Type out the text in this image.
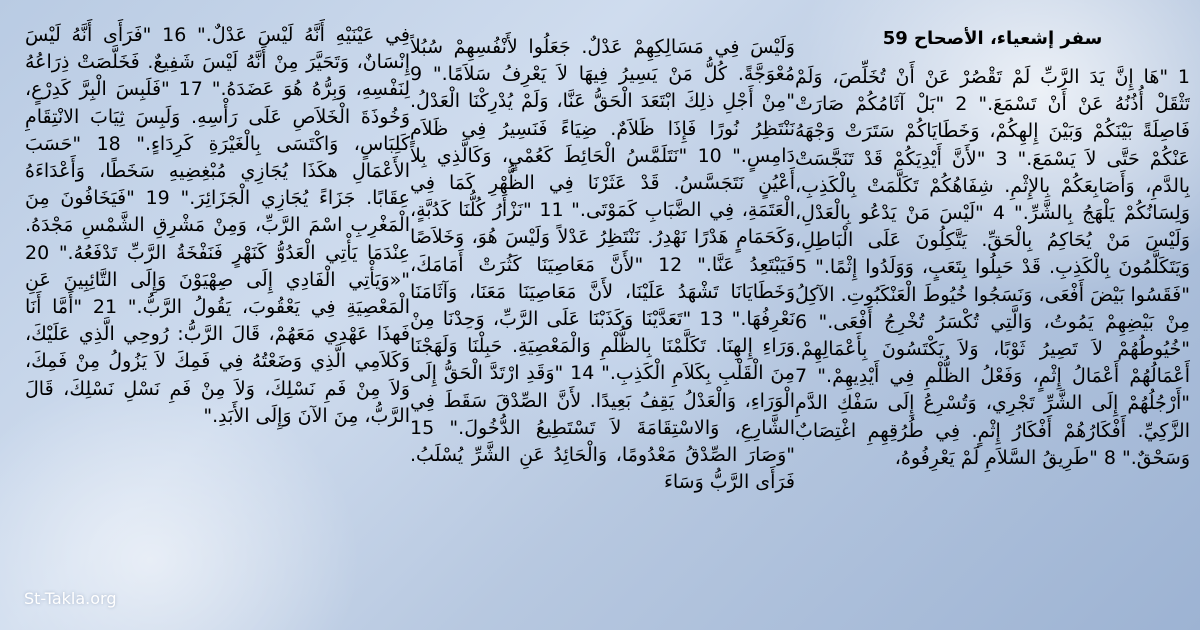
سفر إشعياء، الأصحاح 59
1 "هَا إِنَّ يَدَ الرَّبِّ لَمْ تَقْصُرْ عَنْ أَنْ تُخَلِّصَ، وَلَمْ تَثْقَلْ أُذُنُهُ عَنْ أَنْ تَسْمَعَ." 2 "بَلْ آثَامُكُمْ صَارَتْ فَاصِلَةً بَيْنَكُمْ وَبَيْنَ إِلهِكُمْ، وَخَطَايَاكُمْ سَتَرَتْ وَجْهَهُ عَنْكُمْ حَتَّى لاَ يَسْمَعَ." 3 "لأَنَّ أَيْدِيَكُمْ قَدْ تَنَجَّسَتْ بِالدَّمِ، وَأَصَابِعَكُمْ بِالإِثْمِ. شِفَاهُكُمْ تَكَلَّمَتْ بِالْكَذِبِ، وَلِسَانُكُمْ يَلْهَجُ بِالشَّرِّ." 4 "لَيْسَ مَنْ يَدْعُو بِالْعَدْلِ، وَلَيْسَ مَنْ يُحَاكِمُ بِالْحَقِّ. يَتَّكِلُونَ عَلَى الْبَاطِلِ، وَيَتَكَلَّمُونَ بِالْكَذِبِ. قَدْ حَبِلُوا بِتَعَبٍ، وَوَلَدُوا إِثْمًا." 5 "فَقَسُوا بَيْضَ أَفْعَى، وَنَسَجُوا خُيُوطَ الْعَنْكَبُوتِ. الآكِلُ مِنْ بَيْضِهِمْ يَمُوتُ، وَالَّتِي تُكْسَرُ تُخْرِجُ أَفْعَى." 6 "خُيُوطُهُمْ لاَ تَصِيرُ ثَوْبًا، وَلاَ يَكْتَسُونَ بِأَعْمَالِهِمْ. أَعْمَالُهُمْ أَعْمَالُ إِثْمٍ، وَفَعْلُ الظُّلْمِ فِي أَيْدِيهِمْ." 7 "أَرْجُلُهُمْ إِلَى الشَّرِّ تَجْرِي، وَتُسْرِعُ إِلَى سَفْكِ الدَّمِ الزَّكِيِّ. أَفْكَارُهُمْ أَفْكَارُ إِثْمٍ. فِي طُرُقِهِمِ اغْتِصَابٌ وَسَحْقٌ." 8 "طَرِيقُ السَّلاَمِ لَمْ يَعْرِفُوهُ،
وَلَيْسَ فِي مَسَالِكِهِمْ عَدْلٌ. جَعَلُوا لأَنْفُسِهِمْ سُبُلاً مُعْوَجَّةً. كُلُّ مَنْ يَسِيرُ فِيهَا لاَ يَعْرِفُ سَلاَمًا." 9 "مِنْ أَجْلِ ذلِكَ ابْتَعَدَ الْحَقُّ عَنَّا، وَلَمْ يُدْرِكْنَا الْعَدْلُ. نَنْتَظِرُ نُورًا فَإِذَا ظَلاَمٌ. ضِيَاءً فَنَسِيرُ فِي ظَلاَمٍ دَامِسٍ." 10 "نَتَلَمَّسُ الْحَائِطَ كَعُمْيٍ، وَكَالَّذِي بِلاَ أَعْيُنٍ نَتَجَسَّسُ. قَدْ عَثَرْنَا فِي الظُّهْرِ كَمَا فِي الْعَتَمَةِ، فِي الضَّبَابِ كَمَوْتَى." 11 "نَزْأَرُ كُلُّنَا كَدُبَّةٍ، وَكَحَمَامٍ هَدْرًا نَهْدِرُ. نَنْتَظِرُ عَدْلاً وَلَيْسَ هُوَ، وَخَلاَصًا فَيَبْتَعِدُ عَنَّا." 12 "لأَنَّ مَعَاصِيَنَا كَثُرَتْ أَمَامَكَ، وَخَطَايَانَا تَشْهَدُ عَلَيْنَا، لأَنَّ مَعَاصِيَنَا مَعَنَا، وَآثَامَنَا نَعْرِفُهَا." 13 "تَعَدَّيْنَا وَكَذَبْنَا عَلَى الرَّبِّ، وَحِدْنَا مِنْ وَرَاءِ إِلهِنَا. تَكَلَّمْنَا بِالظُّلْمِ وَالْمَعْصِيَةِ. حَبِلْنَا وَلَهَجْنَا مِنَ الْقَلْبِ بِكَلاَمِ الْكَذِبِ." 14 "وَقَدِ ارْتَدَّ الْحَقُّ إِلَى الْوَرَاءِ، وَالْعَدْلُ يَقِفُ بَعِيدًا. لأَنَّ الصِّدْقَ سَقَطَ فِي الشَّارِعِ، وَالاسْتِقَامَةَ لاَ تَسْتَطِيعُ الدُّخُولَ." 15 "وَصَارَ الصِّدْقُ مَعْدُومًا، وَالْحَائِدُ عَنِ الشَّرِّ يُسْلَبُ. فَرَأَى الرَّبُّ وَسَاءَ
فِي عَيْنَيْهِ أَنَّهُ لَيْسَ عَدْلٌ." 16 "فَرَأَى أَنَّهُ لَيْسَ إِنْسَانٌ، وَتَحَيَّرَ مِنْ أَنَّهُ لَيْسَ شَفِيعٌ. فَخَلَّصَتْ ذِرَاعُهُ لِنَفْسِهِ، وَبِرُّهُ هُوَ عَضَدَهُ." 17 "فَلَبِسَ الْبِرَّ كَدِرْعٍ، وَخُوذَةَ الْخَلاَصِ عَلَى رَأْسِهِ. وَلَبِسَ ثِيَابَ الانْتِقَامِ كَلِبَاسٍ، وَاكْتَسَى بِالْغَيْرَةِ كَرِدَاءٍ." 18 "حَسَبَ الأَعْمَالِ هكَذَا يُجَازِي مُبْغِضِيهِ سَخَطًا، وَأَعْدَاءَهُ عِقَابًا. جَزَاءً يُجَازِي الْجَزَائِرَ." 19 "فَيَخَافُونَ مِنَ الْمَغْرِبِ اسْمَ الرَّبِّ، وَمِنْ مَشْرِقِ الشَّمْسِ مَجْدَهُ. عِنْدَمَا يَأْتِي الْعَدُوُّ كَنَهْرٍ فَنَفْخَةُ الرَّبِّ تَدْفَعُهُ." 20 "«وَيَأْتِي الْفَادِي إِلَى صِهْيَوْنَ وَإِلَى التَّائِبِينَ عَنِ الْمَعْصِيَةِ فِي يَعْقُوبَ، يَقُولُ الرَّبُّ." 21 "أَمَّا أَنَا فَهذَا عَهْدِي مَعَهُمْ، قَالَ الرَّبُّ: رُوحِي الَّذِي عَلَيْكَ، وَكَلاَمِي الَّذِي وَضَعْتُهُ فِي فَمِكَ لاَ يَزُولُ مِنْ فَمِكَ، وَلاَ مِنْ فَمِ نَسْلِكَ، وَلاَ مِنْ فَمِ نَسْلِ نَسْلِكَ، قَالَ الرَّبُّ، مِنَ الآنَ وَإِلَى الأَبَدِ."
St-Takla.org
